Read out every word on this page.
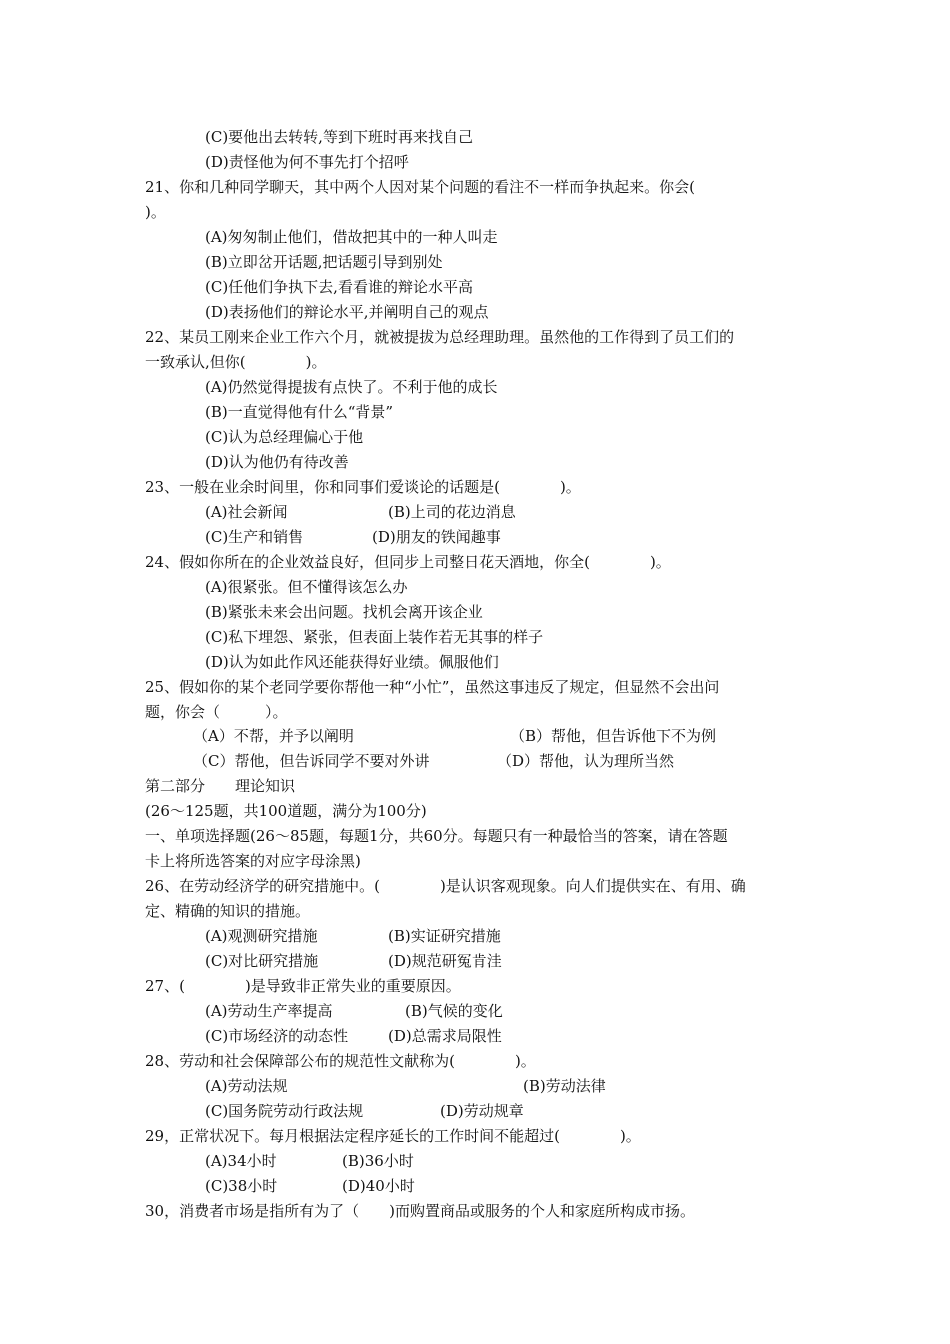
(C)要他出去转转,等到下班时再来找自己
(D)责怪他为何不事先打个招呼
21、你和几种同学聊天，其中两个人因对某个问题的看注不一样而争执起来。你会(
)。
(A)匆匆制止他们，借故把其中的一种人叫走
(B)立即岔开话题,把话题引导到别处
(C)任他们争执下去,看看谁的辩论水平高
(D)表扬他们的辩论水平,并阐明自己的观点
22、某员工刚来企业工作六个月，就被提拔为总经理助理。虽然他的工作得到了员工们的
一致承认,但你(　　　　)。
(A)仍然觉得提拔有点快了。不利于他的成长
(B)一直觉得他有什么“背景”
(C)认为总经理偏心于他
(D)认为他仍有待改善
23、一般在业余时间里，你和同事们爱谈论的话题是(　　　　)。
(A)社会新闻	(B)上司的花边消息
(C)生产和销售	(D)朋友的铁闻趣事
24、假如你所在的企业效益良好，但同步上司整日花天酒地，你全(　　　　)。
(A)很紧张。但不懂得该怎么办
(B)紧张未来会出问题。找机会离开该企业
(C)私下埋怨、紧张，但表面上装作若无其事的样子
(D)认为如此作风还能获得好业绩。佩服他们
25、假如你的某个老同学要你帮他一种“小忙”，虽然这事违反了规定，但显然不会出问
题，你会（　　　）。
（A）不帮，并予以阐明	（B）帮他，但告诉他下不为例
（C）帮他，但告诉同学不要对外讲	（D）帮他，认为理所当然
第二部分　　理论知识
(26～125题，共100道题，满分为100分)
一、单项选择题(26～85题，每题1分，共60分。每题只有一种最恰当的答案，请在答题
卡上将所选答案的对应字母涂黑)
26、在劳动经济学的研究措施中。(　　　　)是认识客观现象。向人们提供实在、有用、确
定、精确的知识的措施。
(A)观测研究措施	(B)实证研究措施
(C)对比研究措施	(D)规范研冤肯洼
27、(　　　　)是导致非正常失业的重要原因。
(A)劳动生产率提高	(B)气候的变化
(C)市场经济的动态性	(D)总需求局限性
28、劳动和社会保障部公布的规范性文献称为(　　　　)。
(A)劳动法规	(B)劳动法律
(C)国务院劳动行政法规	(D)劳动规章
29，正常状况下。每月根据法定程序延长的工作时间不能超过(　　　　)。
(A)34小时	(B)36小时
(C)38小时	(D)40小时
30，消费者市场是指所有为了（　　)而购置商品或服务的个人和家庭所构成市扬。
